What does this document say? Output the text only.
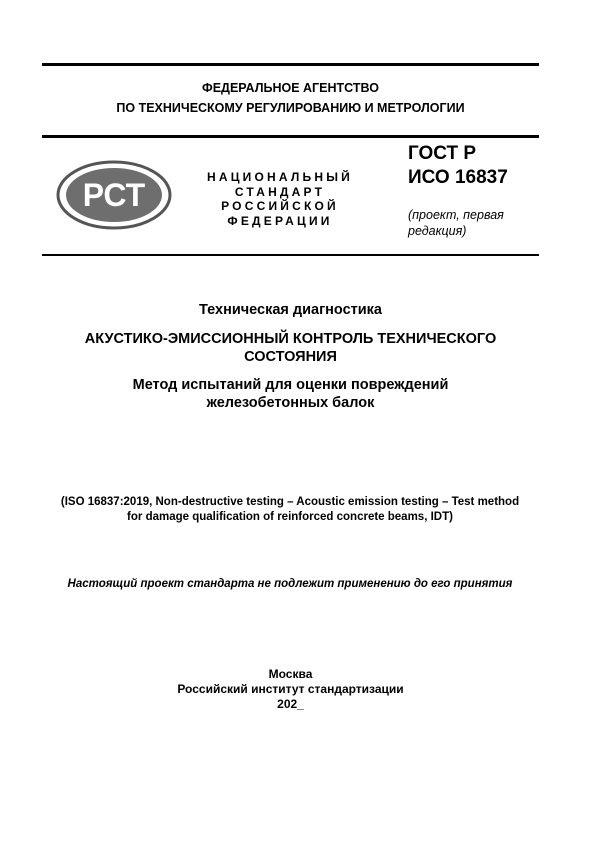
ФЕДЕРАЛЬНОЕ АГЕНТСТВО
ПО ТЕХНИЧЕСКОМУ РЕГУЛИРОВАНИЮ И МЕТРОЛОГИИ
РСТ	НАЦИОНАЛЬНЫЙ
СТАНДАРТ
РОССИЙСКОЙ
ФЕДЕРАЦИИ
ГОСТ Р
ИСО 16837
(проект, первая
редакция)
Техническая диагностика
АКУСТИКО-ЭМИССИОННЫЙ КОНТРОЛЬ ТЕХНИЧЕСКОГО
СОСТОЯНИЯ
Метод испытаний для оценки повреждений
железобетонных балок
(ISO 16837:2019, Non-destructive testing – Acoustic emission testing – Test method
for damage qualification of reinforced concrete beams, IDT)
Настоящий проект стандарта не подлежит применению до его принятия
Москва
Российский институт стандартизации
202_
